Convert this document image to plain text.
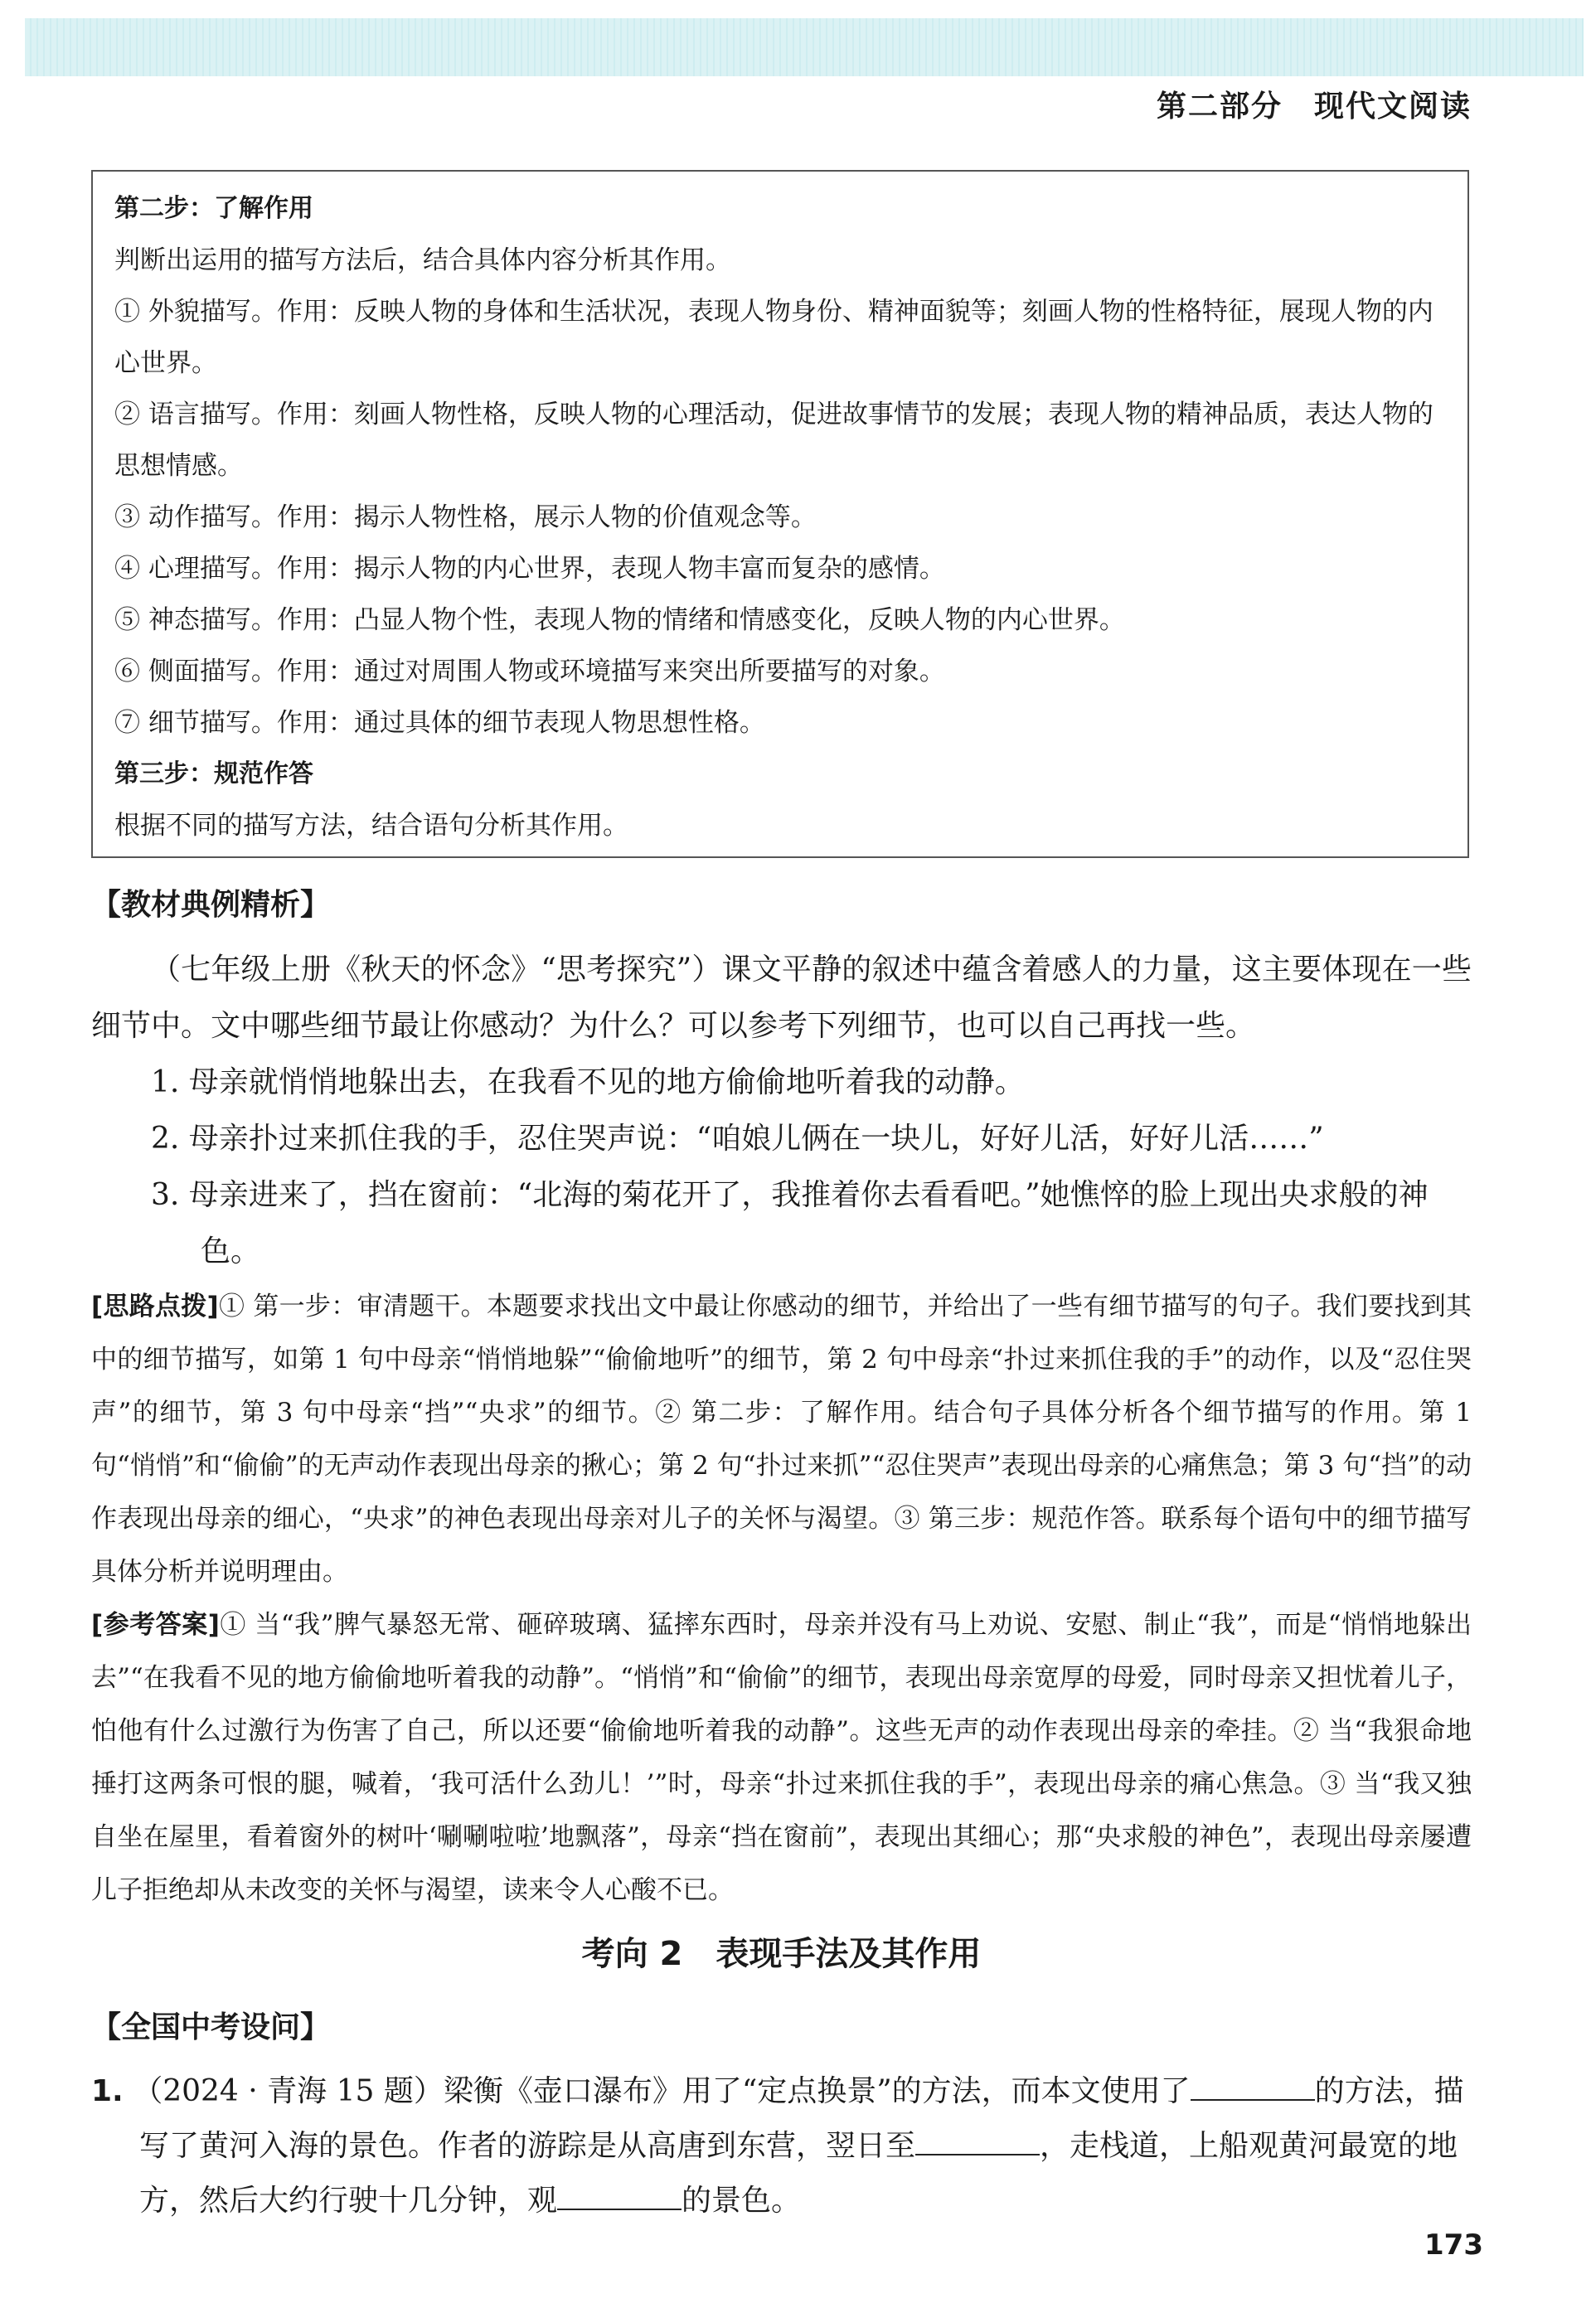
第二部分　现代文阅读

第二步：了解作用

判断出运用的描写方法后，结合具体内容分析其作用。

① 外貌描写。作用：反映人物的身体和生活状况，表现人物身份、精神面貌等；刻画人物的性格特征，展现人物的内心世界。

② 语言描写。作用：刻画人物性格，反映人物的心理活动，促进故事情节的发展；表现人物的精神品质，表达人物的思想情感。

③ 动作描写。作用：揭示人物性格，展示人物的价值观念等。

④ 心理描写。作用：揭示人物的内心世界，表现人物丰富而复杂的感情。

⑤ 神态描写。作用：凸显人物个性，表现人物的情绪和情感变化，反映人物的内心世界。

⑥ 侧面描写。作用：通过对周围人物或环境描写来突出所要描写的对象。

⑦ 细节描写。作用：通过具体的细节表现人物思想性格。

第三步：规范作答

根据不同的描写方法，结合语句分析其作用。

【教材典例精析】

（七年级上册《秋天的怀念》“思考探究”）课文平静的叙述中蕴含着感人的力量，这主要体现在一些细节中。文中哪些细节最让你感动？为什么？可以参考下列细节，也可以自己再找一些。

1. 母亲就悄悄地躲出去，在我看不见的地方偷偷地听着我的动静。

2. 母亲扑过来抓住我的手，忍住哭声说：“咱娘儿俩在一块儿，好好儿活，好好儿活……”

3. 母亲进来了，挡在窗前：“北海的菊花开了，我推着你去看看吧。”她憔悴的脸上现出央求般的神色。

[思路点拨]① 第一步：审清题干。本题要求找出文中最让你感动的细节，并给出了一些有细节描写的句子。我们要找到其中的细节描写，如第 1 句中母亲“悄悄地躲”“偷偷地听”的细节，第 2 句中母亲“扑过来抓住我的手”的动作，以及“忍住哭声”的细节，第 3 句中母亲“挡”“央求”的细节。② 第二步：了解作用。结合句子具体分析各个细节描写的作用。第 1 句“悄悄”和“偷偷”的无声动作表现出母亲的揪心；第 2 句“扑过来抓”“忍住哭声”表现出母亲的心痛焦急；第 3 句“挡”的动作表现出母亲的细心，“央求”的神色表现出母亲对儿子的关怀与渴望。③ 第三步：规范作答。联系每个语句中的细节描写具体分析并说明理由。

[参考答案]① 当“我”脾气暴怒无常、砸碎玻璃、猛摔东西时，母亲并没有马上劝说、安慰、制止“我”，而是“悄悄地躲出去”“在我看不见的地方偷偷地听着我的动静”。“悄悄”和“偷偷”的细节，表现出母亲宽厚的母爱，同时母亲又担忧着儿子，怕他有什么过激行为伤害了自己，所以还要“偷偷地听着我的动静”。这些无声的动作表现出母亲的牵挂。② 当“我狠命地捶打这两条可恨的腿，喊着，‘我可活什么劲儿！’”时，母亲“扑过来抓住我的手”，表现出母亲的痛心焦急。③ 当“我又独自坐在屋里，看着窗外的树叶‘唰唰啦啦’地飘落”，母亲“挡在窗前”，表现出其细心；那“央求般的神色”，表现出母亲屡遭儿子拒绝却从未改变的关怀与渴望，读来令人心酸不已。

考向 2　表现手法及其作用

【全国中考设问】

1. （2024 · 青海 15 题）梁衡《壶口瀑布》用了“定点换景”的方法，而本文使用了	的方法，描写了黄河入海的景色。作者的游踪是从高唐到东营，翌日至	，走栈道，上船观黄河最宽的地方，然后大约行驶十几分钟，观	的景色。

173
